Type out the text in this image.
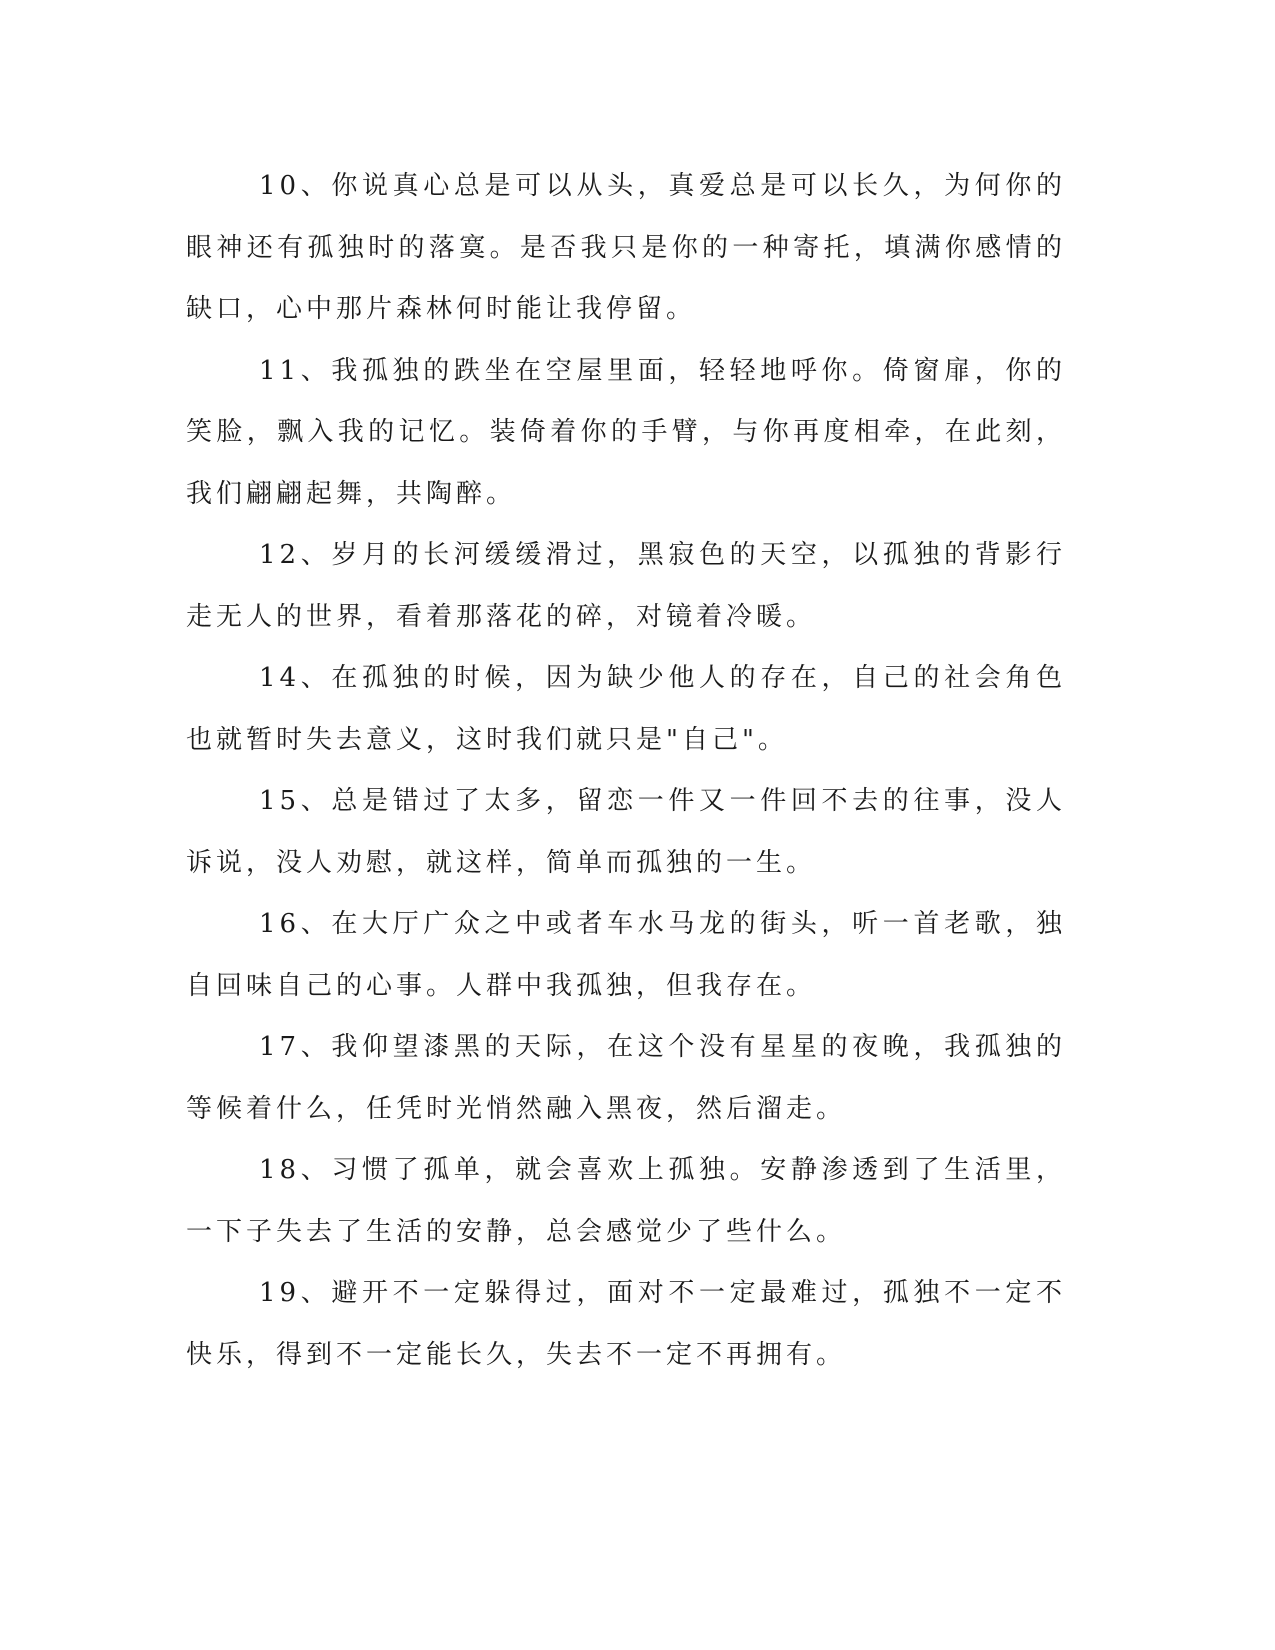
10、你说真心总是可以从头，真爱总是可以长久，为何你的眼神还有孤独时的落寞。是否我只是你的一种寄托，填满你感情的缺口，心中那片森林何时能让我停留。

11、我孤独的跌坐在空屋里面，轻轻地呼你。倚窗扉，你的笑脸，飘入我的记忆。装倚着你的手臂，与你再度相牵，在此刻，我们翩翩起舞，共陶醉。

12、岁月的长河缓缓滑过，黑寂色的天空，以孤独的背影行走无人的世界，看着那落花的碎，对镜着冷暖。

14、在孤独的时候，因为缺少他人的存在，自己的社会角色也就暂时失去意义，这时我们就只是"自己"。

15、总是错过了太多，留恋一件又一件回不去的往事，没人诉说，没人劝慰，就这样，简单而孤独的一生。

16、在大厅广众之中或者车水马龙的街头，听一首老歌，独自回味自己的心事。人群中我孤独，但我存在。

17、我仰望漆黑的天际，在这个没有星星的夜晚，我孤独的等候着什么，任凭时光悄然融入黑夜，然后溜走。

18、习惯了孤单，就会喜欢上孤独。安静渗透到了生活里，一下子失去了生活的安静，总会感觉少了些什么。

19、避开不一定躲得过，面对不一定最难过，孤独不一定不快乐，得到不一定能长久，失去不一定不再拥有。
